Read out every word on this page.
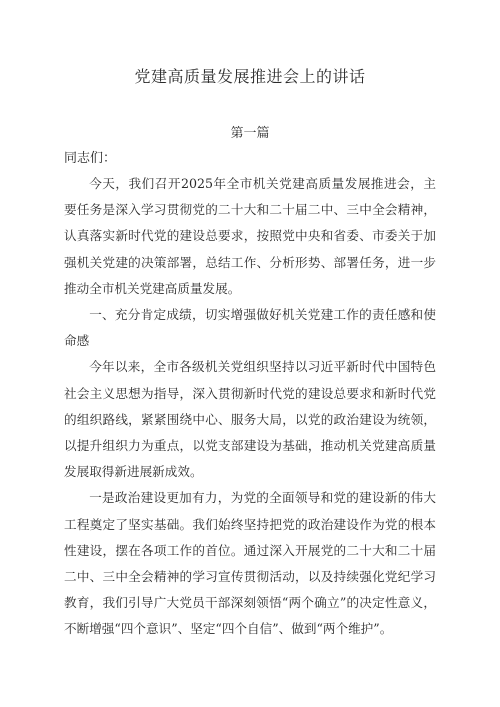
党建高质量发展推进会上的讲话
第一篇
同志们：

今天，我们召开2025年全市机关党建高质量发展推进会，主要任务是深入学习贯彻党的二十大和二十届二中、三中全会精神，认真落实新时代党的建设总要求，按照党中央和省委、市委关于加强机关党建的决策部署，总结工作、分析形势、部署任务，进一步推动全市机关党建高质量发展。

一、充分肯定成绩，切实增强做好机关党建工作的责任感和使命感

今年以来，全市各级机关党组织坚持以习近平新时代中国特色社会主义思想为指导，深入贯彻新时代党的建设总要求和新时代党的组织路线，紧紧围绕中心、服务大局，以党的政治建设为统领，以提升组织力为重点，以党支部建设为基础，推动机关党建高质量发展取得新进展新成效。

一是政治建设更加有力，为党的全面领导和党的建设新的伟大工程奠定了坚实基础。我们始终坚持把党的政治建设作为党的根本性建设，摆在各项工作的首位。通过深入开展党的二十大和二十届二中、三中全会精神的学习宣传贯彻活动，以及持续强化党纪学习教育，我们引导广大党员干部深刻领悟“两个确立”的决定性意义，不断增强“四个意识”、坚定“四个自信”、做到“两个维护”。
